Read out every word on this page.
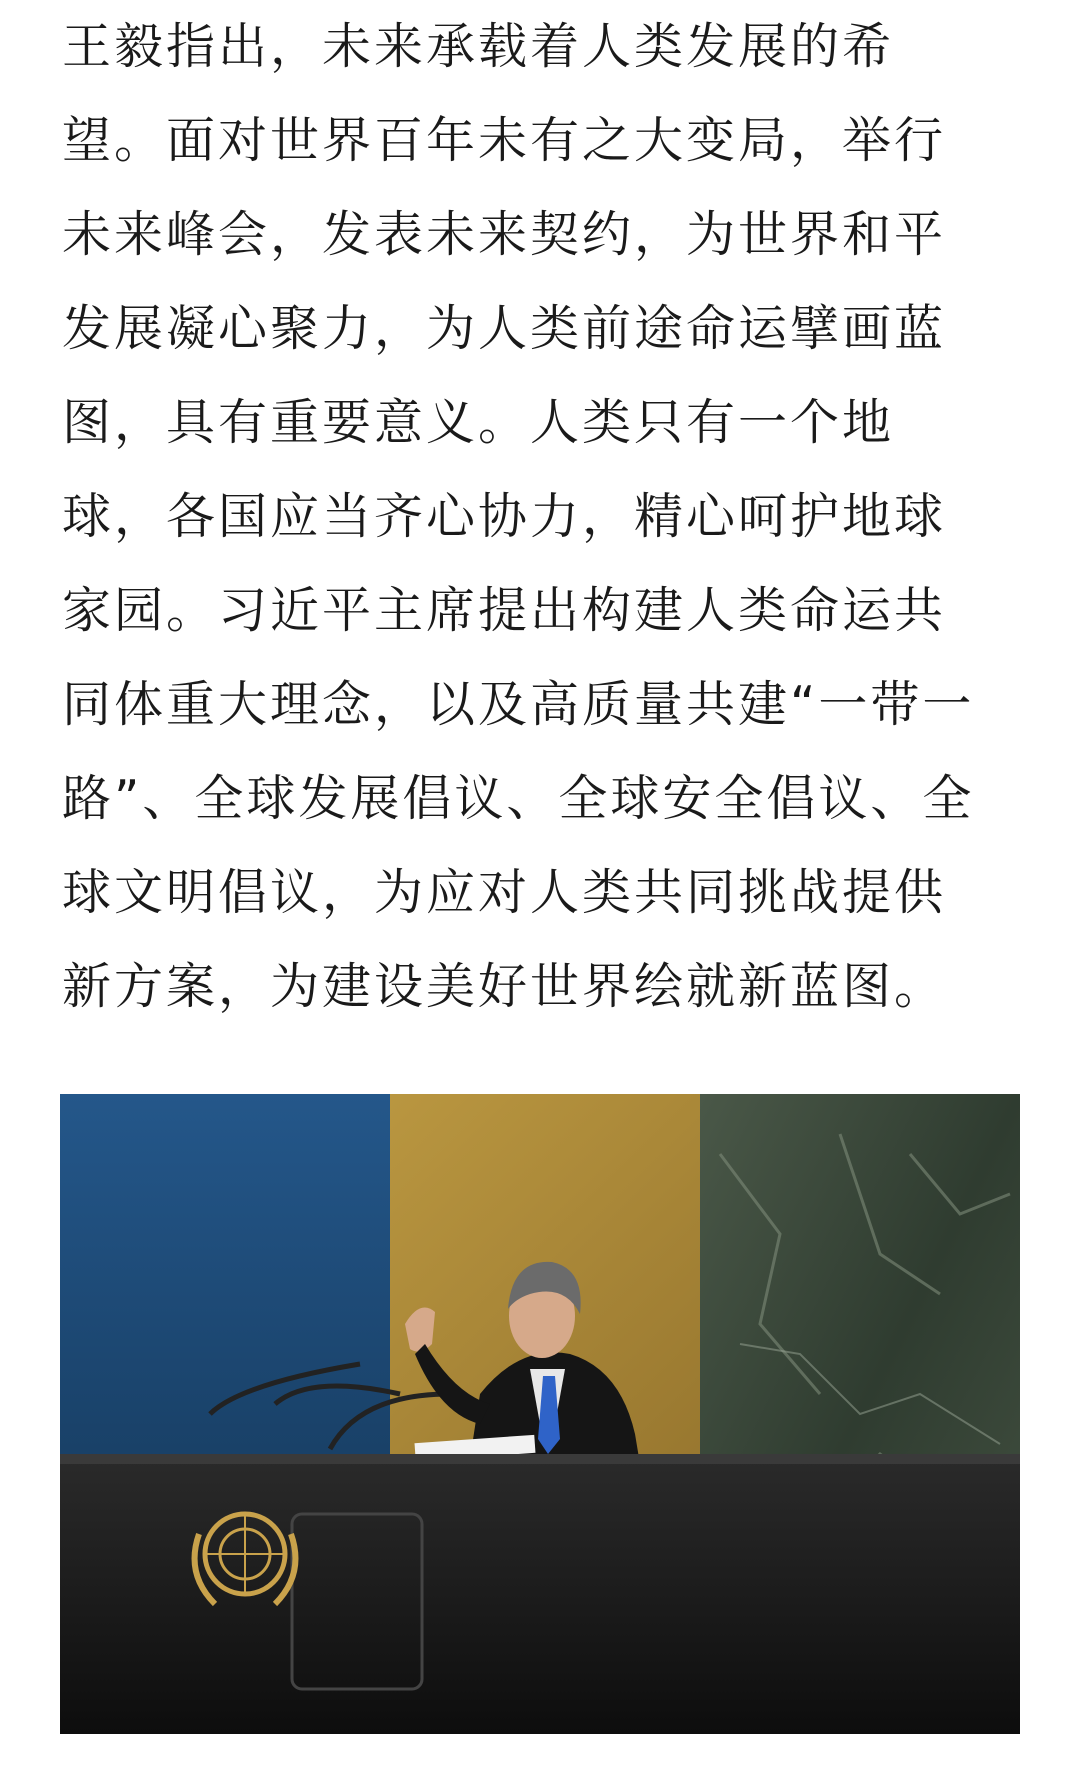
王毅指出，未来承载着人类发展的希
望。面对世界百年未有之大变局，举行
未来峰会，发表未来契约，为世界和平
发展凝心聚力，为人类前途命运擘画蓝
图，具有重要意义。人类只有一个地
球，各国应当齐心协力，精心呵护地球
家园。习近平主席提出构建人类命运共
同体重大理念，以及高质量共建“一带一
路”、全球发展倡议、全球安全倡议、全
球文明倡议，为应对人类共同挑战提供
新方案，为建设美好世界绘就新蓝图。
